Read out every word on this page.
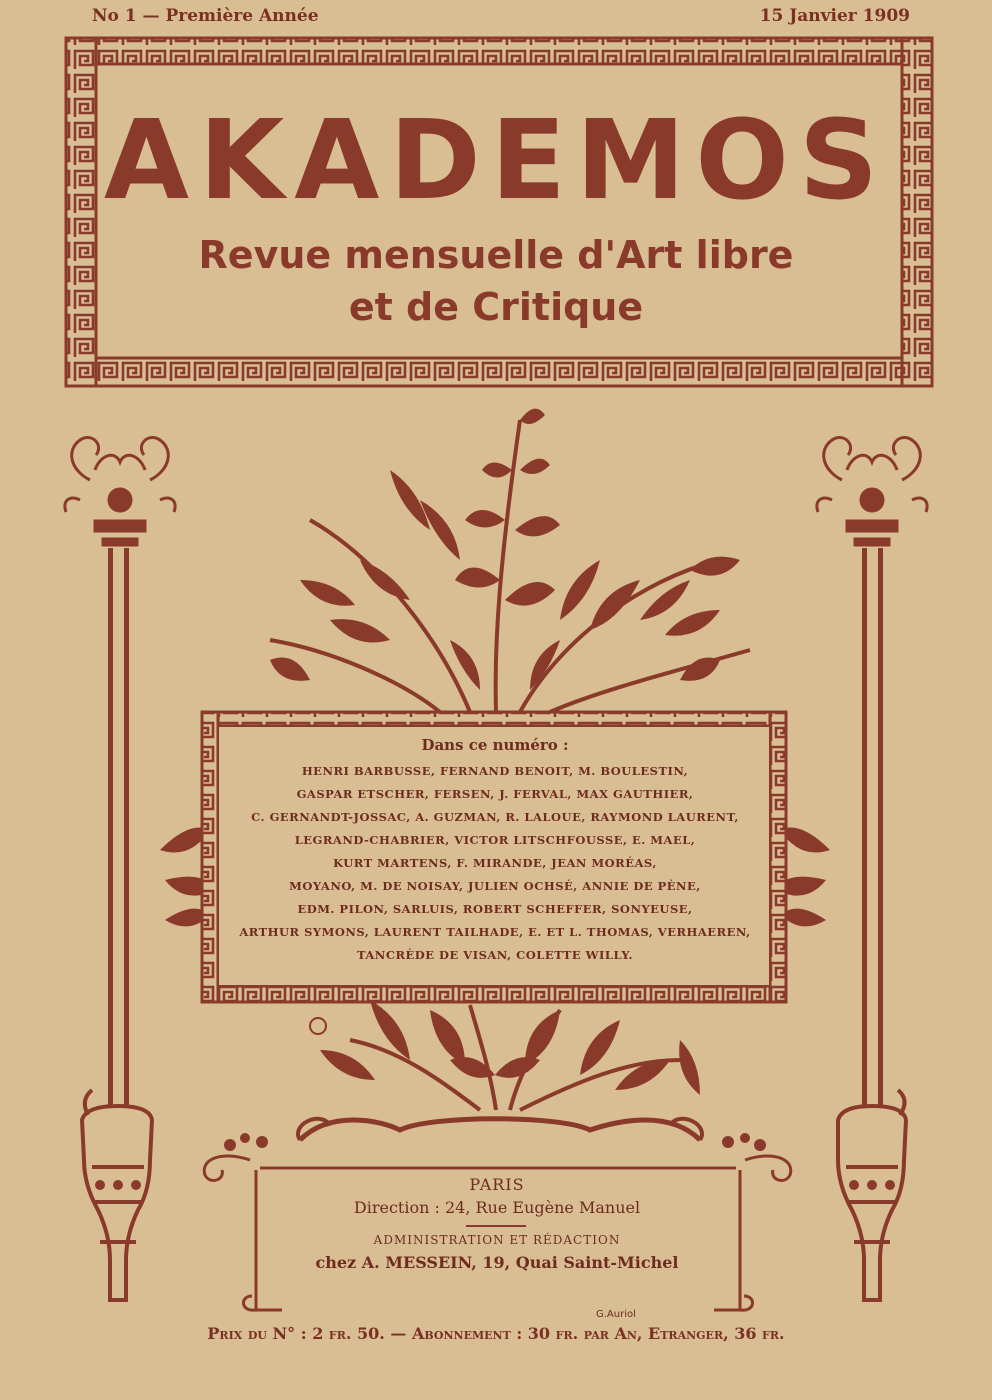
No 1 — Première Année	15 Janvier 1909
AKADEMOS
Revue mensuelle d'Art libre
et de Critique
Dans ce numéro :
HENRI BARBUSSE, FERNAND BENOIT, M. BOULESTIN,
GASPAR ETSCHER, FERSEN, J. FERVAL, MAX GAUTHIER,
C. GERNANDT-JOSSAC, A. GUZMAN, R. LALOUE, RAYMOND LAURENT,
LEGRAND-CHABRIER, VICTOR LITSCHFOUSSE, E. MAEL,
KURT MARTENS, F. MIRANDE, JEAN MORÉAS,
MOYANO, M. DE NOISAY, JULIEN OCHSÉ, ANNIE DE PÈNE,
EDM. PILON, SARLUIS, ROBERT SCHEFFER, SONYEUSE,
ARTHUR SYMONS, LAURENT TAILHADE, E. ET L. THOMAS, VERHAEREN,
TANCRÈDE DE VISAN, COLETTE WILLY.
PARIS
Direction : 24, Rue Eugène Manuel
ADMINISTRATION ET RÉDACTION
chez A. MESSEIN, 19, Quai Saint-Michel
G.Auriol
Prix du N° : 2 fr. 50. — Abonnement : 30 fr. par An, Etranger, 36 fr.
